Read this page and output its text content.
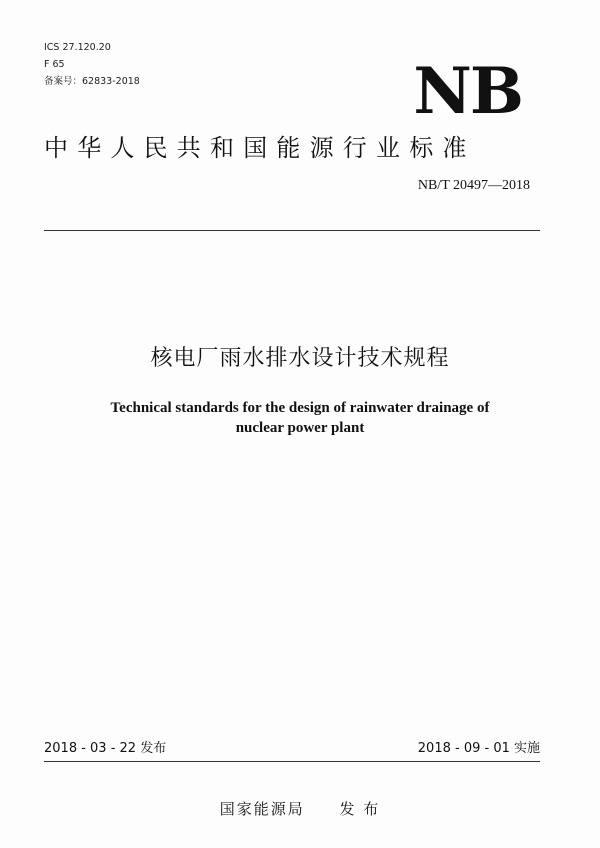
ICS 27.120.20
F 65
备案号：62833-2018	NB
中华人民共和国能源行业标准
NB/T 20497—2018
核电厂雨水排水设计技术规程
Technical standards for the design of rainwater drainage of
nuclear power plant
2018 - 03 - 22 发布	2018 - 09 - 01 实施
国家能源局 发 布
